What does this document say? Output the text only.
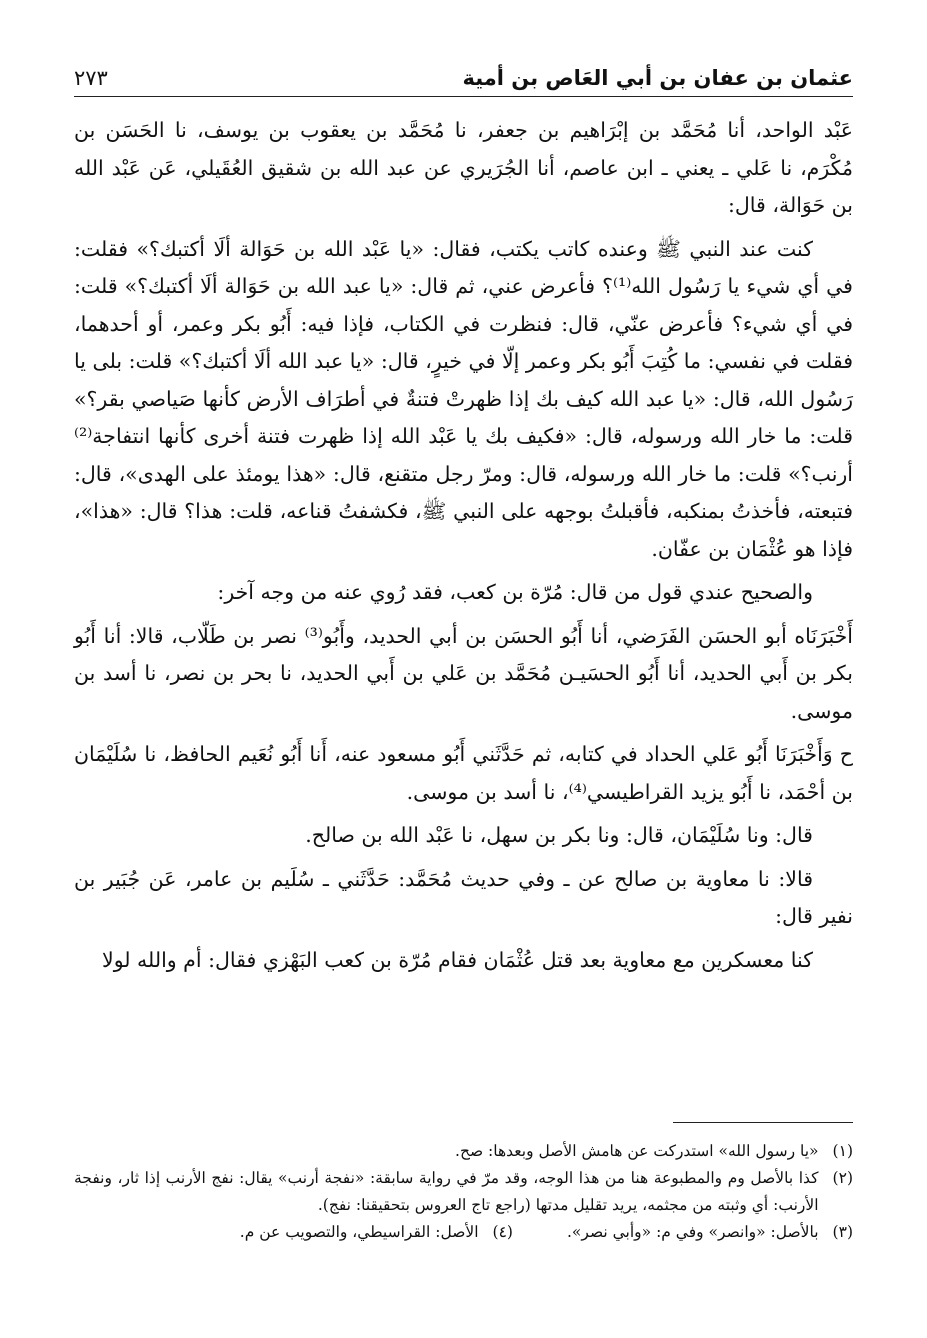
عثمان بن عفان بن أبي العَاص بن أمية
٢٧٣

عَبْد الواحد، أنا مُحَمَّد بن إبْرَاهيم بن جعفر، نا مُحَمَّد بن يعقوب بن يوسف، نا الحَسَن بن مُكْرَم، نا عَلي ـ يعني ـ ابن عاصم، أنا الجُرَيري عن عبد الله بن شقيق العُقَيلي، عَن عَبْد الله بن حَوَالة، قال:

كنت عند النبي ﷺ وعنده كاتب يكتب، فقال: «يا عَبْد الله بن حَوَالة ألَا أكتبك؟» فقلت: في أي شيء يا رَسُول الله⁽¹⁾؟ فأعرض عني، ثم قال: «يا عبد الله بن حَوَالة ألَا أكتبك؟» قلت: في أي شيء؟ فأعرض عنّي، قال: فنظرت في الكتاب، فإذا فيه: أَبُو بكر وعمر، أو أحدهما، فقلت في نفسي: ما كُتِبَ أَبُو بكر وعمر إلّا في خيرٍ، قال: «يا عبد الله ألَا أكتبك؟» قلت: بلى يا رَسُول الله، قال: «يا عبد الله كيف بك إذا ظهرتْ فتنةٌ في أطرَاف الأرض كأنها صَياصي بقر؟» قلت: ما خار الله ورسوله، قال: «فكيف بك يا عَبْد الله إذا ظهرت فتنة أخرى كأنها انتفاجة⁽²⁾ أرنب؟» قلت: ما خار الله ورسوله، قال: ومرّ رجل متقنع، قال: «هذا يومئذ على الهدى»، قال: فتبعته، فأخذتُ بمنكبه، فأقبلتُ بوجهه على النبي ﷺ، فكشفتُ قناعه، قلت: هذا؟ قال: «هذا»، فإذا هو عُثْمَان بن عفّان.

والصحيح عندي قول من قال: مُرّة بن كعب، فقد رُوي عنه من وجه آخر:

أَخْبَرَنَاه أبو الحسَن الفَرَضي، أنا أَبُو الحسَن بن أبي الحديد، وأَبُو⁽³⁾ نصر بن طَلّاب، قالا: أنا أَبُو بكر بن أَبي الحديد، أنا أَبُو الحسَيـن مُحَمَّد بن عَلي بن أَبي الحديد، نا بحر بن نصر، نا أسد بن موسى.

ح وَأَخْبَرَنَا أَبُو عَلي الحداد في كتابه، ثم حَدَّثَني أَبُو مسعود عنه، أَنا أَبُو نُعَيم الحافظ، نا سُلَيْمَان بن أحْمَد، نا أَبُو يزيد القراطيسي⁽⁴⁾، نا أسد بن موسى.

قال: ونا سُلَيْمَان، قال: ونا بكر بن سهل، نا عَبْد الله بن صالح.

قالا: نا معاوية بن صالح عن ـ وفي حديث مُحَمَّد: حَدَّثَني ـ سُلَيم بن عامر، عَن جُبَير بن نفير قال:

كنا معسكرين مع معاوية بعد قتل عُثْمَان فقام مُرّة بن كعب البَهْزي فقال: أم والله لولا

(١)
«يا رسول الله» استدركت عن هامش الأصل وبعدها: صح.
(٢)
كذا بالأصل وم والمطبوعة هنا من هذا الوجه، وقد مرّ في رواية سابقة: «نفجة أرنب» يقال: نفج الأرنب إذا ثار، ونفجة الأرنب: أي وثبته من مجثمه، يريد تقليل مدتها (راجع تاج العروس بتحقيقنا: نفج).
(٣)
بالأصل: «وانصر» وفي م: «وأبي نصر».
(٤)
الأصل: القراسيطي، والتصويب عن م.
